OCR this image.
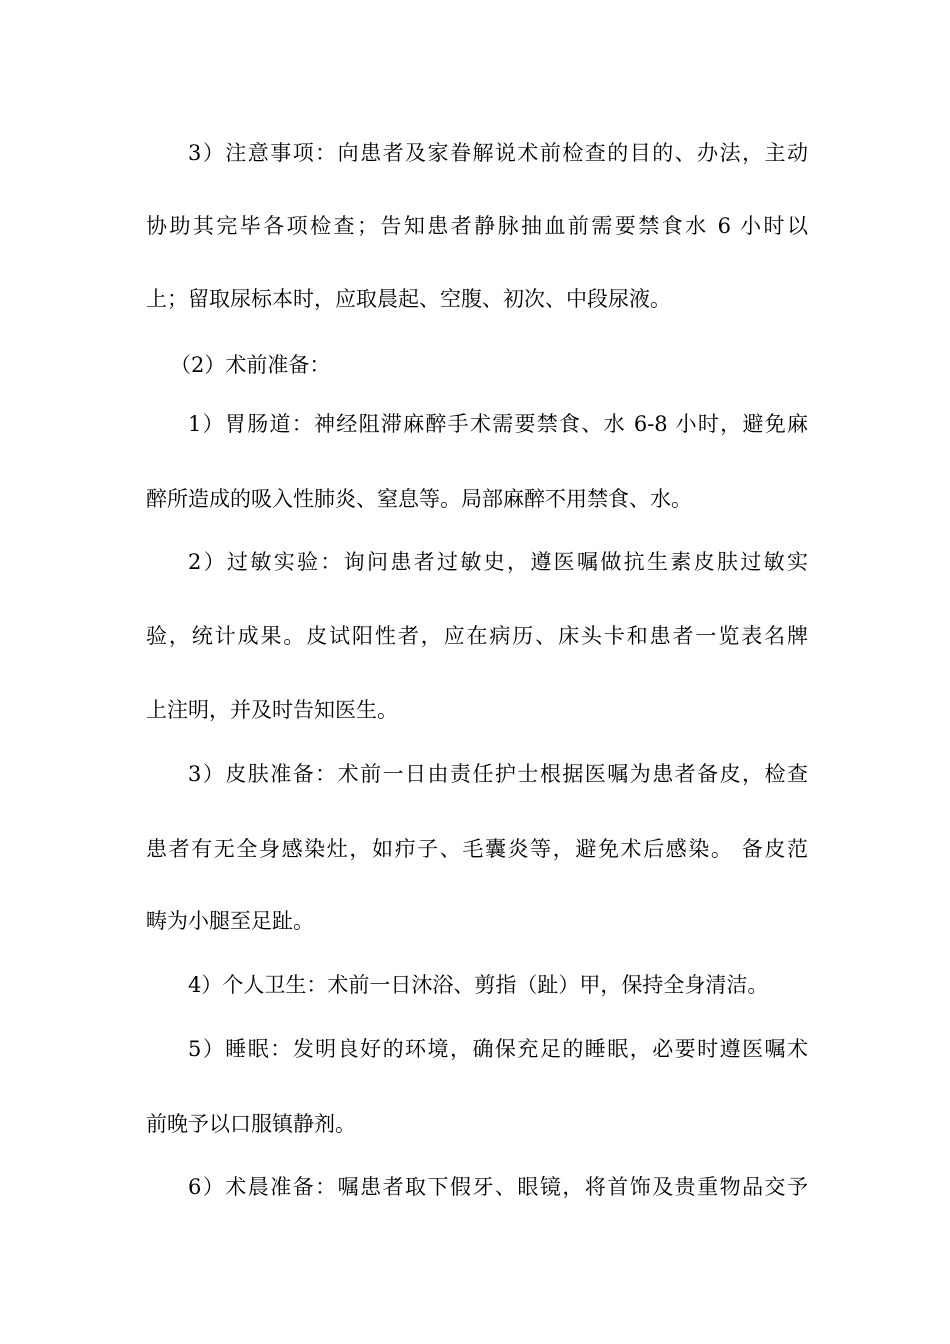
3）注意事项：向患者及家眷解说术前检查的目的、办法，主动
协助其完毕各项检查；告知患者静脉抽血前需要禁食水 6 小时以
上；留取尿标本时，应取晨起、空腹、初次、中段尿液。
（2）术前准备：
1）胃肠道：神经阻滞麻醉手术需要禁食、水 6-8 小时，避免麻
醉所造成的吸入性肺炎、窒息等。局部麻醉不用禁食、水。
2）过敏实验：询问患者过敏史，遵医嘱做抗生素皮肤过敏实
验，统计成果。皮试阳性者，应在病历、床头卡和患者一览表名牌
上注明，并及时告知医生。
3）皮肤准备：术前一日由责任护士根据医嘱为患者备皮，检查
患者有无全身感染灶，如疖子、毛囊炎等，避免术后感染。 备皮范
畴为小腿至足趾。
4）个人卫生：术前一日沐浴、剪指（趾）甲，保持全身清洁。
5）睡眠：发明良好的环境，确保充足的睡眠，必要时遵医嘱术
前晚予以口服镇静剂。
6）术晨准备：嘱患者取下假牙、眼镜，将首饰及贵重物品交予
